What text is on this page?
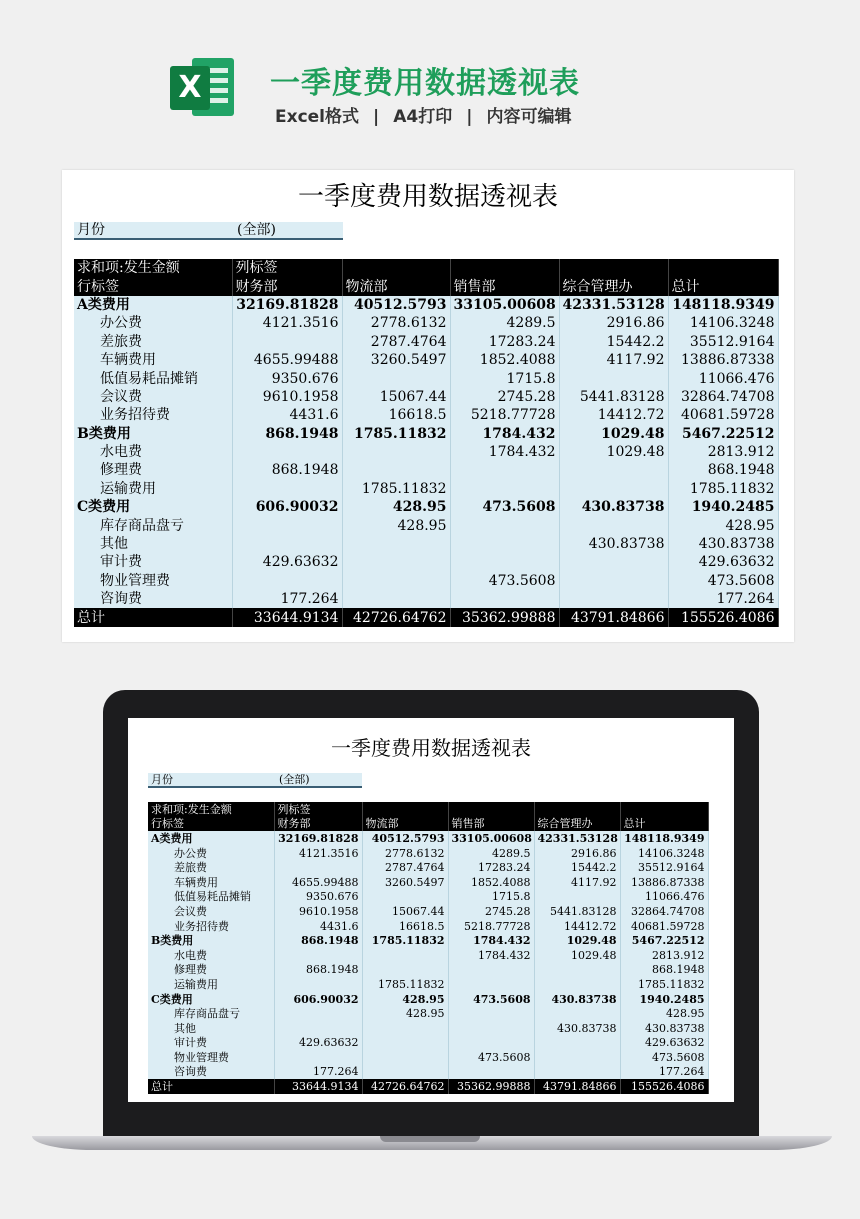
X 一季度费用数据透视表
Excel格式 | A4打印 | 内容可编辑
一季度费用数据透视表
月份	(全部)
求和项:发生金额	列标签				
行标签	财务部	物流部	销售部	综合管理办	总计
A类费用	32169.81828	40512.5793	33105.00608	42331.53128	148118.9349
办公费	4121.3516	2778.6132	4289.5	2916.86	14106.3248
差旅费		2787.4764	17283.24	15442.2	35512.9164
车辆费用	4655.99488	3260.5497	1852.4088	4117.92	13886.87338
低值易耗品摊销	9350.676		1715.8		11066.476
会议费	9610.1958	15067.44	2745.28	5441.83128	32864.74708
业务招待费	4431.6	16618.5	5218.77728	14412.72	40681.59728
B类费用	868.1948	1785.11832	1784.432	1029.48	5467.22512
水电费			1784.432	1029.48	2813.912
修理费	868.1948				868.1948
运输费用		1785.11832			1785.11832
C类费用	606.90032	428.95	473.5608	430.83738	1940.2485
库存商品盘亏		428.95			428.95
其他				430.83738	430.83738
审计费	429.63632				429.63632
物业管理费			473.5608		473.5608
咨询费	177.264				177.264
总计	33644.9134	42726.64762	35362.99888	43791.84866	155526.4086
一季度费用数据透视表
月份	(全部)
求和项:发生金额	列标签				
行标签	财务部	物流部	销售部	综合管理办	总计
A类费用	32169.81828	40512.5793	33105.00608	42331.53128	148118.9349
办公费	4121.3516	2778.6132	4289.5	2916.86	14106.3248
差旅费		2787.4764	17283.24	15442.2	35512.9164
车辆费用	4655.99488	3260.5497	1852.4088	4117.92	13886.87338
低值易耗品摊销	9350.676		1715.8		11066.476
会议费	9610.1958	15067.44	2745.28	5441.83128	32864.74708
业务招待费	4431.6	16618.5	5218.77728	14412.72	40681.59728
B类费用	868.1948	1785.11832	1784.432	1029.48	5467.22512
水电费			1784.432	1029.48	2813.912
修理费	868.1948				868.1948
运输费用		1785.11832			1785.11832
C类费用	606.90032	428.95	473.5608	430.83738	1940.2485
库存商品盘亏		428.95			428.95
其他				430.83738	430.83738
审计费	429.63632				429.63632
物业管理费			473.5608		473.5608
咨询费	177.264				177.264
总计	33644.9134	42726.64762	35362.99888	43791.84866	155526.4086
